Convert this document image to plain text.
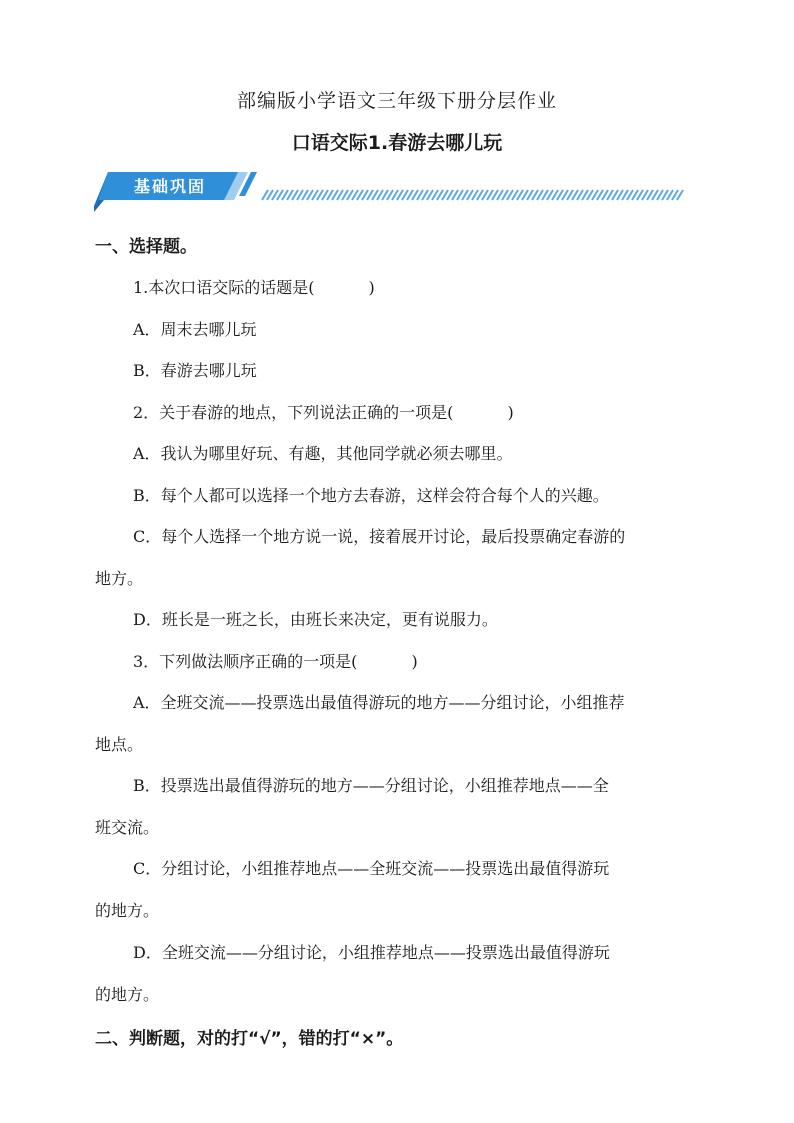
部编版小学语文三年级下册分层作业
口语交际1.春游去哪儿玩
基础巩固
一、选择题。
1.本次口语交际的话题是(	)
A．周末去哪儿玩
B．春游去哪儿玩
2．关于春游的地点，下列说法正确的一项是(	)
A．我认为哪里好玩、有趣，其他同学就必须去哪里。
B．每个人都可以选择一个地方去春游，这样会符合每个人的兴趣。
C．每个人选择一个地方说一说，接着展开讨论，最后投票确定春游的
地方。
D．班长是一班之长，由班长来决定，更有说服力。
3．下列做法顺序正确的一项是(	)
A．全班交流——投票选出最值得游玩的地方——分组讨论，小组推荐
地点。
B．投票选出最值得游玩的地方——分组讨论，小组推荐地点——全
班交流。
C．分组讨论，小组推荐地点——全班交流——投票选出最值得游玩
的地方。
D．全班交流——分组讨论，小组推荐地点——投票选出最值得游玩
的地方。
二、判断题，对的打“√”，错的打“×”。
